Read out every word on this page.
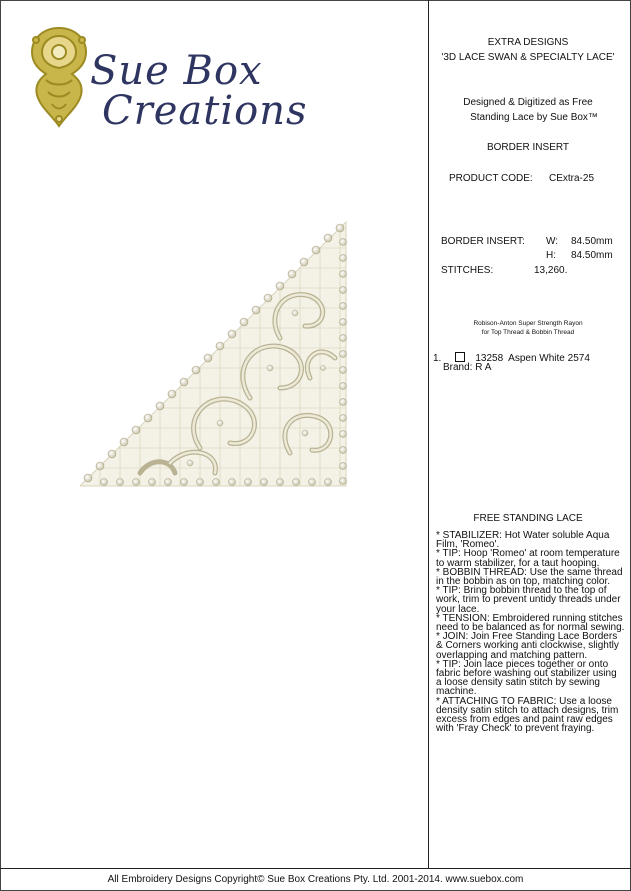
Sue Box
Creations
EXTRA DESIGNS
'3D LACE SWAN & SPECIALTY LACE'
Designed & Digitized as Free
Standing Lace by Sue Box™
BORDER INSERT
PRODUCT CODE: CExtra-25
BORDER INSERT: W: 84.50mm
H: 84.50mm
STITCHES:	13,260.
Robison-Anton Super Strength Rayon
for Top Thread & Bobbin Thread
1.	13258 Aspen White 2574
Brand: R A
FREE STANDING LACE

* STABILIZER: Hot Water soluble Aqua

Film, 'Romeo'.

* TIP: Hoop 'Romeo' at room temperature

to warm stabilizer, for a taut hooping.

* BOBBIN THREAD: Use the same thread

in the bobbin as on top, matching color.

* TIP: Bring bobbin thread to the top of

work, trim to prevent untidy threads under

your lace.

* TENSION: Embroidered running stitches

need to be balanced as for normal sewing.

* JOIN: Join Free Standing Lace Borders

& Corners working anti clockwise, slightly

overlapping and matching pattern.

* TIP: Join lace pieces together or onto

fabric before washing out stabilizer using

a loose density satin stitch by sewing

machine.

* ATTACHING TO FABRIC: Use a loose

density satin stitch to attach designs, trim

excess from edges and paint raw edges

with 'Fray Check' to prevent fraying.

All Embroidery Designs Copyright© Sue Box Creations Pty. Ltd. 2001-2014. www.suebox.com
